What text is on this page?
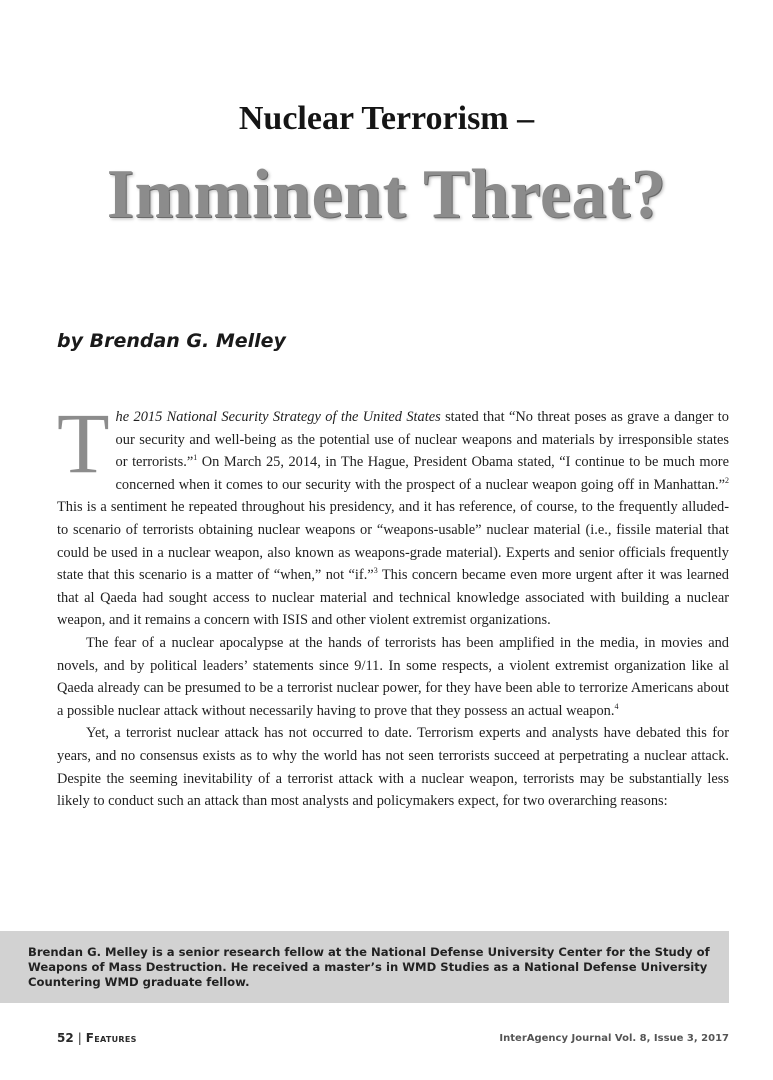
Nuclear Terrorism –
Imminent Threat?
by Brendan G. Melley

The 2015 National Security Strategy of the United States stated that “No threat poses as grave a danger to our security and well-being as the potential use of nuclear weapons and materials by irresponsible states or terrorists.”$^1$ On March 25, 2014, in The Hague, President Obama stated, “I continue to be much more concerned when it comes to our security with the prospect of a nuclear weapon going off in Manhattan.”$^2$ This is a sentiment he repeated throughout his presidency, and it has reference, of course, to the frequently alluded-to scenario of terrorists obtaining nuclear weapons or “weapons-usable” nuclear material (i.e., fissile material that could be used in a nuclear weapon, also known as weapons-grade material). Experts and senior officials frequently state that this scenario is a matter of “when,” not “if.”$^3$ This concern became even more urgent after it was learned that al Qaeda had sought access to nuclear material and technical knowledge associated with building a nuclear weapon, and it remains a concern with ISIS and other violent extremist organizations.

The fear of a nuclear apocalypse at the hands of terrorists has been amplified in the media, in movies and novels, and by political leaders’ statements since 9/11. In some respects, a violent extremist organization like al Qaeda already can be presumed to be a terrorist nuclear power, for they have been able to terrorize Americans about a possible nuclear attack without necessarily having to prove that they possess an actual weapon.$^4$

Yet, a terrorist nuclear attack has not occurred to date. Terrorism experts and analysts have debated this for years, and no consensus exists as to why the world has not seen terrorists succeed at perpetrating a nuclear attack. Despite the seeming inevitability of a terrorist attack with a nuclear weapon, terrorists may be substantially less likely to conduct such an attack than most analysts and policymakers expect, for two overarching reasons:

Brendan G. Melley is a senior research fellow at the National Defense University Center for the Study of Weapons of Mass Destruction. He received a master’s in WMD Studies as a National Defense University Countering WMD graduate fellow.
52 | Features	InterAgency Journal Vol. 8, Issue 3, 2017
